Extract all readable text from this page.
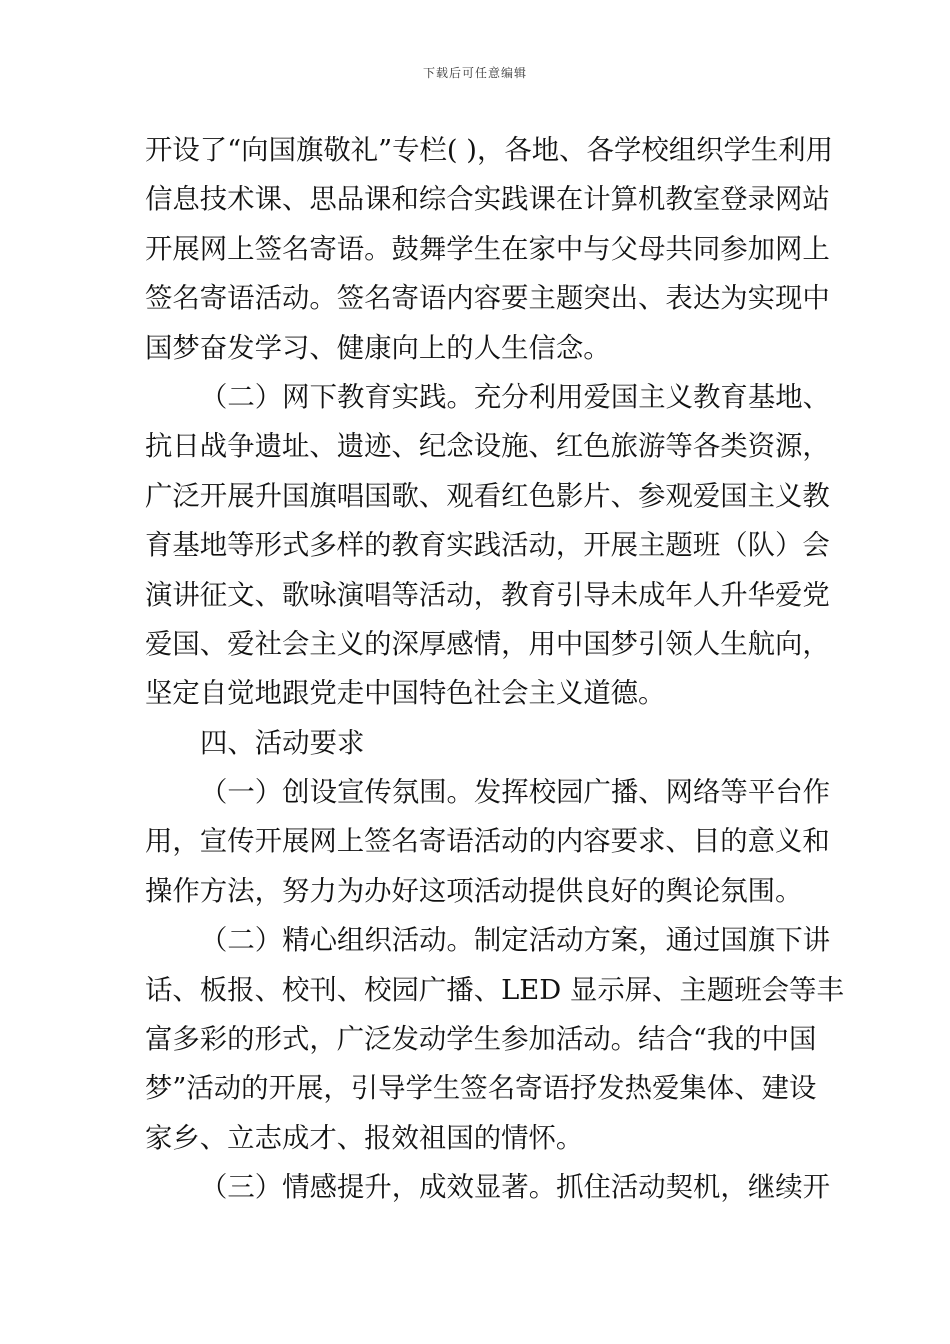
下载后可任意编辑
开设了“向国旗敬礼”专栏( )，各地、各学校组织学生利用
信息技术课、思品课和综合实践课在计算机教室登录网站
开展网上签名寄语。鼓舞学生在家中与父母共同参加网上
签名寄语活动。签名寄语内容要主题突出、表达为实现中
国梦奋发学习、健康向上的人生信念。
（二）网下教育实践。充分利用爱国主义教育基地、
抗日战争遗址、遗迹、纪念设施、红色旅游等各类资源，
广泛开展升国旗唱国歌、观看红色影片、参观爱国主义教
育基地等形式多样的教育实践活动，开展主题班（队）会
演讲征文、歌咏演唱等活动，教育引导未成年人升华爱党
爱国、爱社会主义的深厚感情，用中国梦引领人生航向，
坚定自觉地跟党走中国特色社会主义道德。
四、活动要求
（一）创设宣传氛围。发挥校园广播、网络等平台作
用，宣传开展网上签名寄语活动的内容要求、目的意义和
操作方法，努力为办好这项活动提供良好的舆论氛围。
（二）精心组织活动。制定活动方案，通过国旗下讲
话、板报、校刊、校园广播、LED 显示屏、主题班会等丰
富多彩的形式，广泛发动学生参加活动。结合“我的中国
梦”活动的开展，引导学生签名寄语抒发热爱集体、建设
家乡、立志成才、报效祖国的情怀。
（三）情感提升，成效显著。抓住活动契机，继续开
